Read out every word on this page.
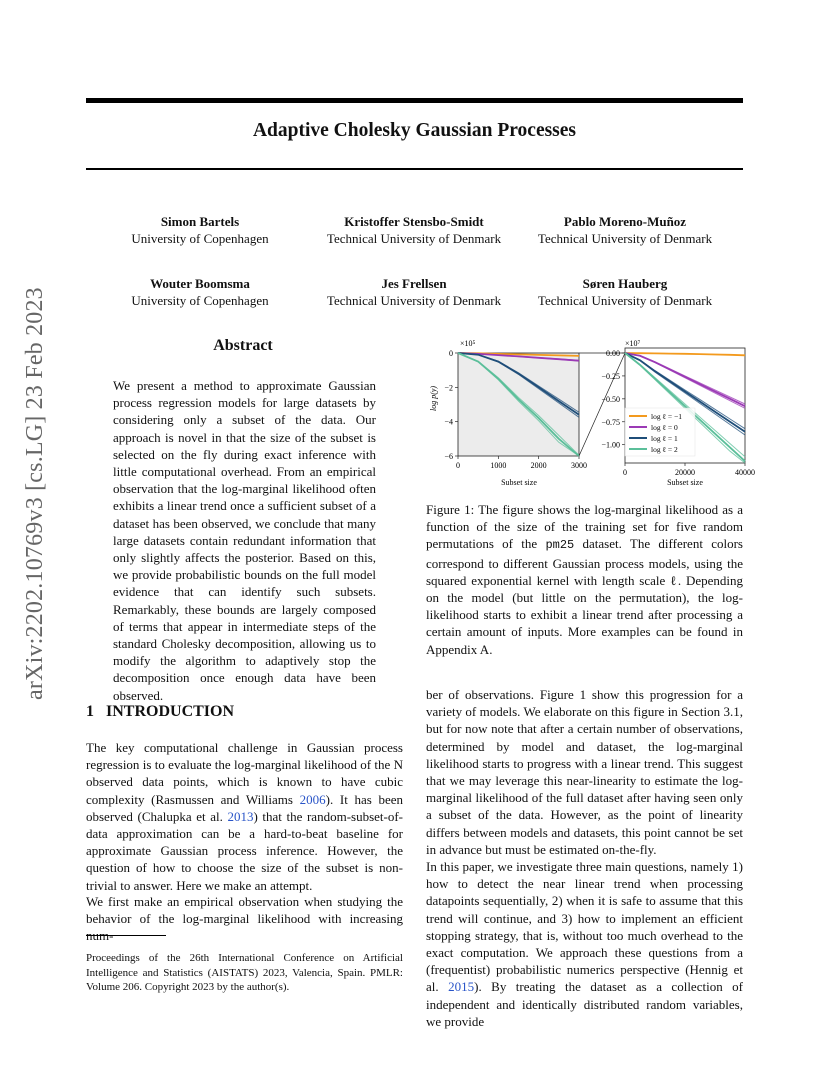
Adaptive Cholesky Gaussian Processes
arXiv:2202.10769v3 [cs.LG] 23 Feb 2023
Simon Bartels
University of Copenhagen
Kristoffer Stensbo-Smidt
Technical University of Denmark
Pablo Moreno-Muñoz
Technical University of Denmark
Wouter Boomsma
University of Copenhagen
Jes Frellsen
Technical University of Denmark
Søren Hauberg
Technical University of Denmark
Abstract
We present a method to approximate Gaussian process regression models for large datasets by considering only a subset of the data. Our approach is novel in that the size of the subset is selected on the fly during exact inference with little computational overhead. From an empirical observation that the log-marginal likelihood often exhibits a linear trend once a sufficient subset of a dataset has been observed, we conclude that many large datasets contain redundant information that only slightly affects the posterior. Based on this, we provide probabilistic bounds on the full model evidence that can identify such subsets. Remarkably, these bounds are largely composed of terms that appear in intermediate steps of the standard Cholesky decomposition, allowing us to modify the algorithm to adaptively stop the decomposition once enough data have been observed.
×10⁵
log p(y)
Subset size
0	1000	2000	3000
0
−2
−4
−6
×10⁷
Subset size
0	20000	40000
0.00
−0.25
−0.50
−0.75
−1.00
log ℓ = −1
log ℓ = 0
log ℓ = 1
log ℓ = 2
Figure 1: The figure shows the log-marginal likelihood as a function of the size of the training set for five random permutations of the pm25 dataset. The different colors correspond to different Gaussian process models, using the squared exponential kernel with length scale ℓ. Depending on the model (but little on the permutation), the log-likelihood starts to exhibit a linear trend after processing a certain amount of inputs. More examples can be found in Appendix A.
1   INTRODUCTION
The key computational challenge in Gaussian process regression is to evaluate the log-marginal likelihood of the N observed data points, which is known to have cubic complexity (Rasmussen and Williams 2006). It has been observed (Chalupka et al. 2013) that the random-subset-of-data approximation can be a hard-to-beat baseline for approximate Gaussian process inference. However, the question of how to choose the size of the subset is non-trivial to answer. Here we make an attempt.
We first make an empirical observation when studying the behavior of the log-marginal likelihood with increasing num-
Proceedings of the 26th International Conference on Artificial Intelligence and Statistics (AISTATS) 2023, Valencia, Spain. PMLR: Volume 206. Copyright 2023 by the author(s).
ber of observations. Figure 1 show this progression for a variety of models. We elaborate on this figure in Section 3.1, but for now note that after a certain number of observations, determined by model and dataset, the log-marginal likelihood starts to progress with a linear trend. This suggest that we may leverage this near-linearity to estimate the log-marginal likelihood of the full dataset after having seen only a subset of the data. However, as the point of linearity differs between models and datasets, this point cannot be set in advance but must be estimated on-the-fly.
In this paper, we investigate three main questions, namely 1) how to detect the near linear trend when processing datapoints sequentially, 2) when it is safe to assume that this trend will continue, and 3) how to implement an efficient stopping strategy, that is, without too much overhead to the exact computation. We approach these questions from a (frequentist) probabilistic numerics perspective (Hennig et al. 2015). By treating the dataset as a collection of independent and identically distributed random variables, we provide
